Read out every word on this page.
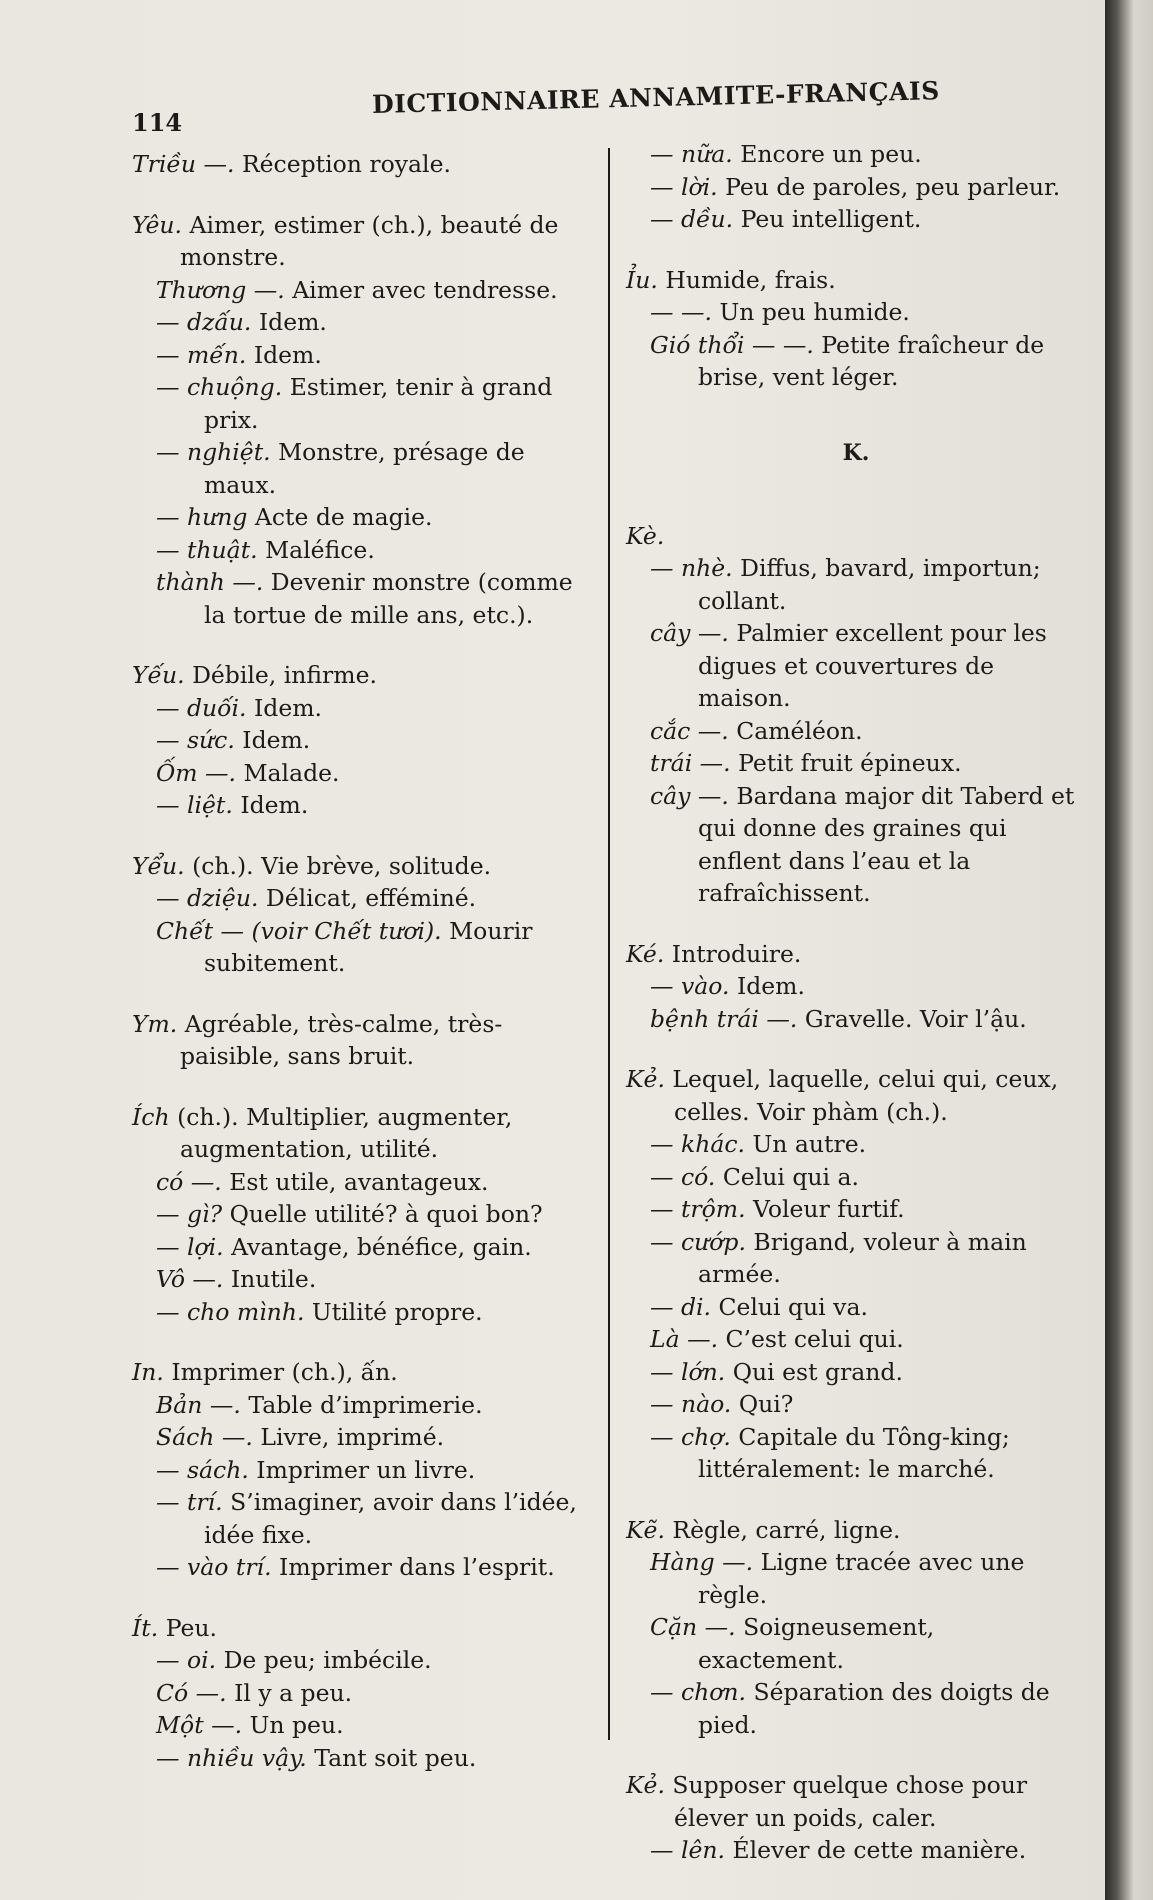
114
DICTIONNAIRE ANNAMITE-FRANÇAIS
Triều —. Réception royale.
Yêu. Aimer, estimer (ch.), beauté de monstre.
Thương —. Aimer avec tendresse.
— dzấu. Idem.
— mến. Idem.
— chuộng. Estimer, tenir à grand prix.
— nghiệt. Monstre, présage de maux.
— hưng Acte de magie.
— thuật. Maléfice.
thành —. Devenir monstre (comme la tortue de mille ans, etc.).
Yếu. Débile, infirme.
— duối. Idem.
— sức. Idem.
Ốm —. Malade.
— liệt. Idem.
Yểu. (ch.). Vie brève, solitude.
— dziệu. Délicat, efféminé.
Chết — (voir Chết tươi). Mourir subitement.
Ym. Agréable, très-calme, très-paisible, sans bruit.
Ích (ch.). Multiplier, augmenter, augmentation, utilité.
có —. Est utile, avantageux.
— gì? Quelle utilité? à quoi bon?
— lợi. Avantage, bénéfice, gain.
Vô —. Inutile.
— cho mình. Utilité propre.
In. Imprimer (ch.), ấn.
Bản —. Table d’imprimerie.
Sách —. Livre, imprimé.
— sách. Imprimer un livre.
— trí. S’imaginer, avoir dans l’idée, idée fixe.
— vào trí. Imprimer dans l’esprit.
Ít. Peu.
— oi. De peu; imbécile.
Có —. Il y a peu.
Một —. Un peu.
— nhiều vậy. Tant soit peu.
— nữa. Encore un peu.
— lời. Peu de paroles, peu parleur.
— dều. Peu intelligent.
Ỉu. Humide, frais.
— —. Un peu humide.
Gió thổi — —. Petite fraîcheur de brise, vent léger.
K.
Kè.
— nhè. Diffus, bavard, importun; collant.
cây —. Palmier excellent pour les digues et couvertures de maison.
cắc —. Caméléon.
trái —. Petit fruit épineux.
cây —. Bardana major dit Taberd et qui donne des graines qui enflent dans l’eau et la rafraîchissent.
Ké. Introduire.
— vào. Idem.
bệnh trái —. Gravelle. Voir l’ậu.
Kẻ. Lequel, laquelle, celui qui, ceux, celles. Voir phàm (ch.).
— khác. Un autre.
— có. Celui qui a.
— trộm. Voleur furtif.
— cướp. Brigand, voleur à main armée.
— di. Celui qui va.
Là —. C’est celui qui.
— lớn. Qui est grand.
— nào. Qui?
— chợ. Capitale du Tông-king; littéralement: le marché.
Kẽ. Règle, carré, ligne.
Hàng —. Ligne tracée avec une règle.
Cặn —. Soigneusement, exactement.
— chơn. Séparation des doigts de pied.
Kẻ. Supposer quelque chose pour élever un poids, caler.
— lên. Élever de cette manière.
